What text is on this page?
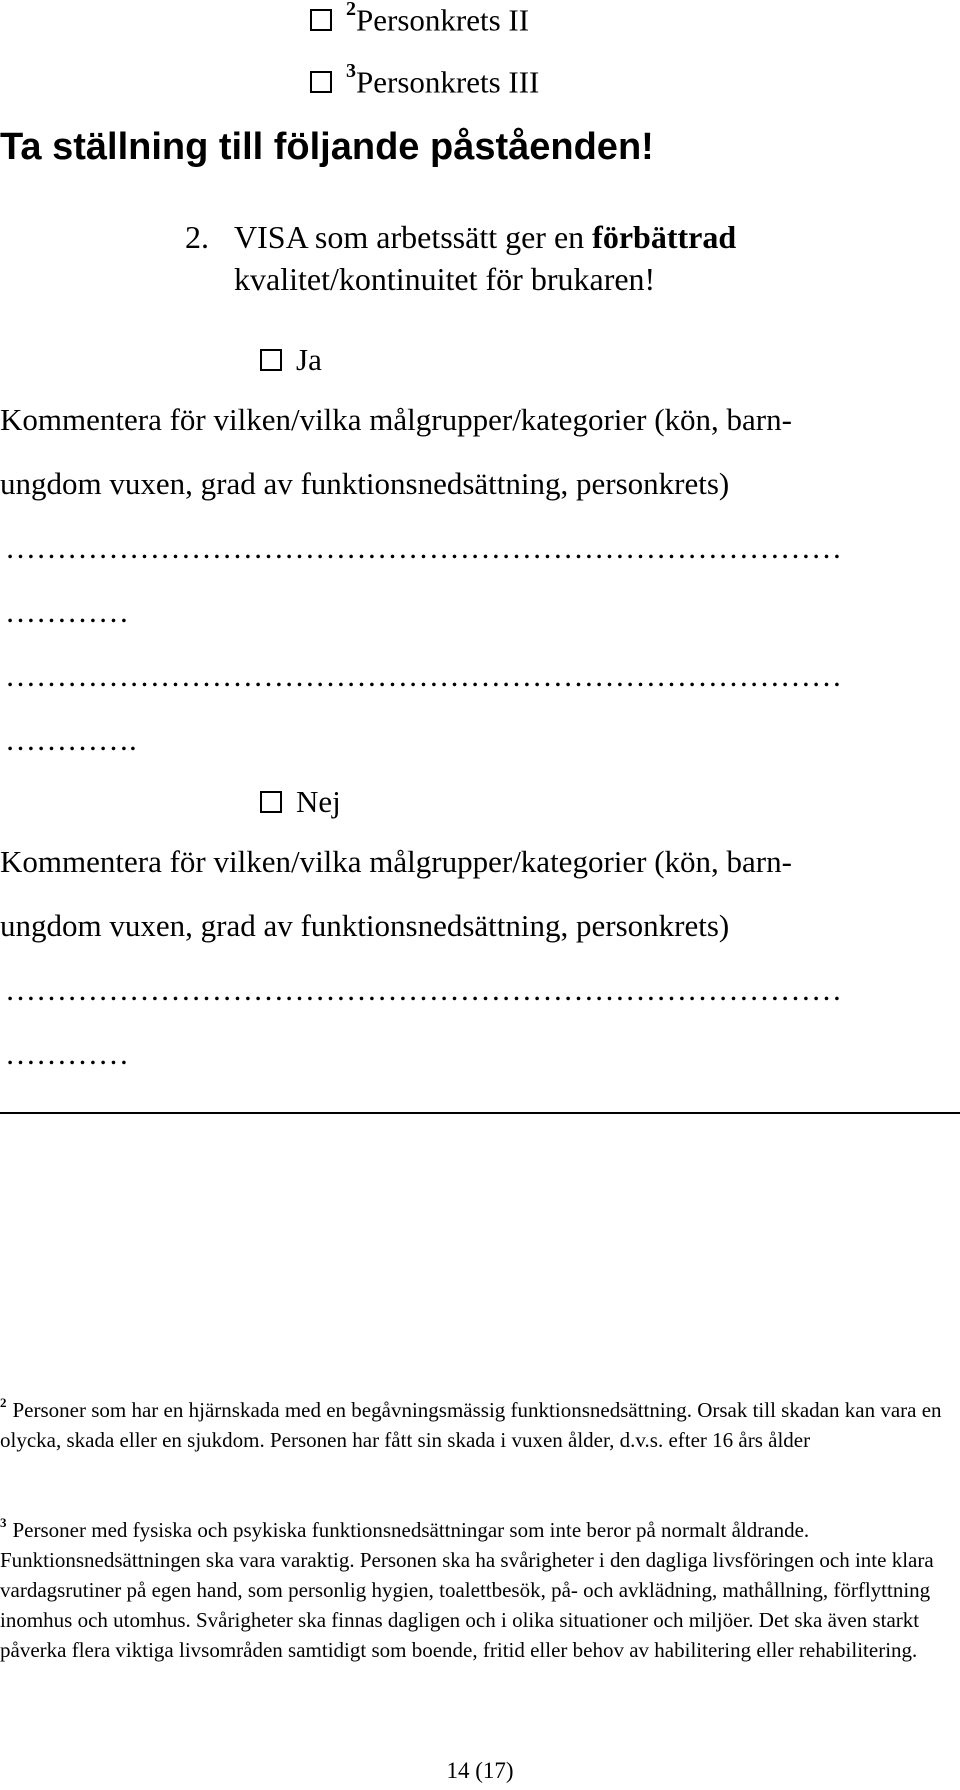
$^2$Personkrets II
$^3$Personkrets III
Ta ställning till följande påståenden!
2. VISA som arbetssätt ger en förbättrad
kvalitet/kontinuitet för brukaren!
Ja
Kommentera för vilken/vilka målgrupper/kategorier (kön, barn-
ungdom vuxen, grad av funktionsnedsättning, personkrets)
………………………………………………………………………
…………
………………………………………………………………………
………….
Nej
Kommentera för vilken/vilka målgrupper/kategorier (kön, barn-
ungdom vuxen, grad av funktionsnedsättning, personkrets)
………………………………………………………………………
…………
$^2$ Personer som har en hjärnskada med en begåvningsmässig funktionsnedsättning. Orsak till skadan kan vara en olycka, skada eller en sjukdom. Personen har fått sin skada i vuxen ålder, d.v.s. efter 16 års ålder
$^3$ Personer med fysiska och psykiska funktionsnedsättningar som inte beror på normalt åldrande. Funktionsnedsättningen ska vara varaktig. Personen ska ha svårigheter i den dagliga livsföringen och inte klara vardagsrutiner på egen hand, som personlig hygien, toalettbesök, på- och avklädning, mathållning, förflyttning inomhus och utomhus. Svårigheter ska finnas dagligen och i olika situationer och miljöer. Det ska även starkt påverka flera viktiga livsområden samtidigt som boende, fritid eller behov av habilitering eller rehabilitering.
14 (17)
